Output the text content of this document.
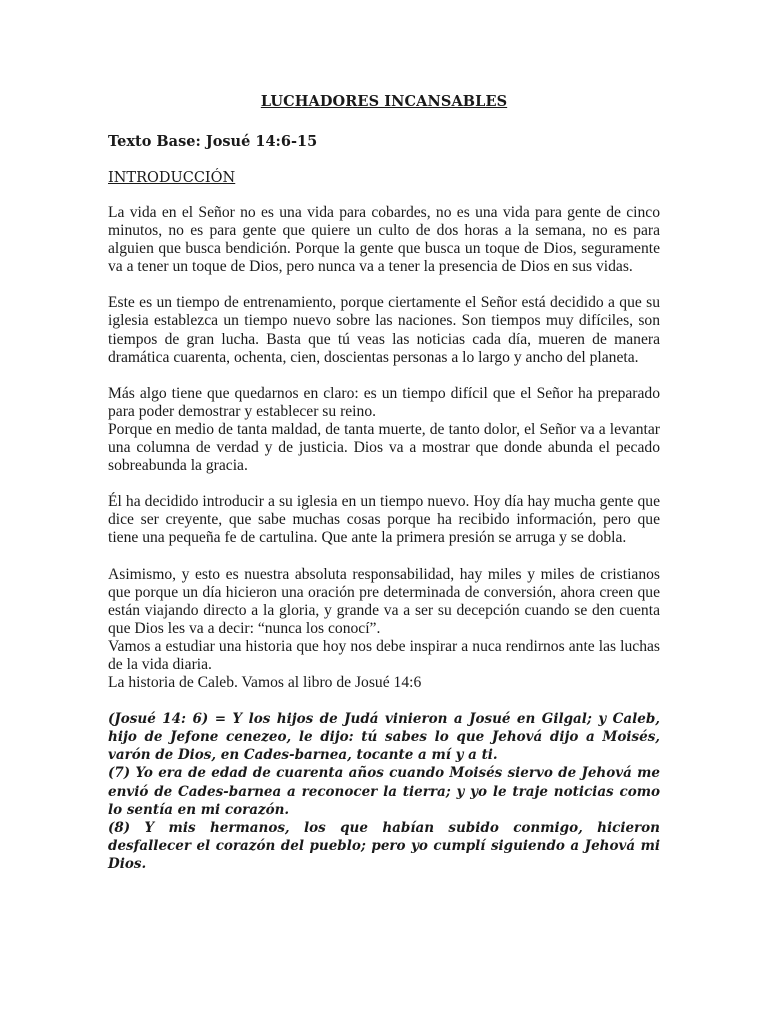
LUCHADORES INCANSABLES
Texto Base: Josué 14:6-15
INTRODUCCIÓN

La vida en el Señor no es una vida para cobardes, no es una vida para gente de cinco minutos, no es para gente que quiere un culto de dos horas a la semana, no es para alguien que busca bendición. Porque la gente que busca un toque de Dios, seguramente va a tener un toque de Dios, pero nunca va a tener la presencia de Dios en sus vidas.

Este es un tiempo de entrenamiento, porque ciertamente el Señor está decidido a que su iglesia establezca un tiempo nuevo sobre las naciones. Son tiempos muy difíciles, son tiempos de gran lucha. Basta que tú veas las noticias cada día, mueren de manera dramática cuarenta, ochenta, cien, doscientas personas a lo largo y ancho del planeta.

Más algo tiene que quedarnos en claro: es un tiempo difícil que el Señor ha preparado para poder demostrar y establecer su reino.

Porque en medio de tanta maldad, de tanta muerte, de tanto dolor, el Señor va a levantar una columna de verdad y de justicia. Dios va a mostrar que donde abunda el pecado sobreabunda la gracia.

Él ha decidido introducir a su iglesia en un tiempo nuevo. Hoy día hay mucha gente que dice ser creyente, que sabe muchas cosas porque ha recibido información, pero que tiene una pequeña fe de cartulina. Que ante la primera presión se arruga y se dobla.

Asimismo, y esto es nuestra absoluta responsabilidad, hay miles y miles de cristianos que porque un día hicieron una oración pre determinada de conversión, ahora creen que están viajando directo a la gloria, y grande va a ser su decepción cuando se den cuenta que Dios les va a decir: “nunca los conocí”.

Vamos a estudiar una historia que hoy nos debe inspirar a nuca rendirnos ante las luchas de la vida diaria.

La historia de Caleb. Vamos al libro de Josué 14:6

(Josué 14: 6) = Y los hijos de Judá vinieron a Josué en Gilgal; y Caleb, hijo de Jefone cenezeo, le dijo: tú sabes lo que Jehová dijo a Moisés, varón de Dios, en Cades-barnea, tocante a mí y a ti.
(7) Yo era de edad de cuarenta años cuando Moisés siervo de Jehová me envió de Cades-barnea a reconocer la tierra; y yo le traje noticias como lo sentía en mi corazón.
(8) Y mis hermanos, los que habían subido conmigo, hicieron desfallecer el corazón del pueblo; pero yo cumplí siguiendo a Jehová mi Dios.
